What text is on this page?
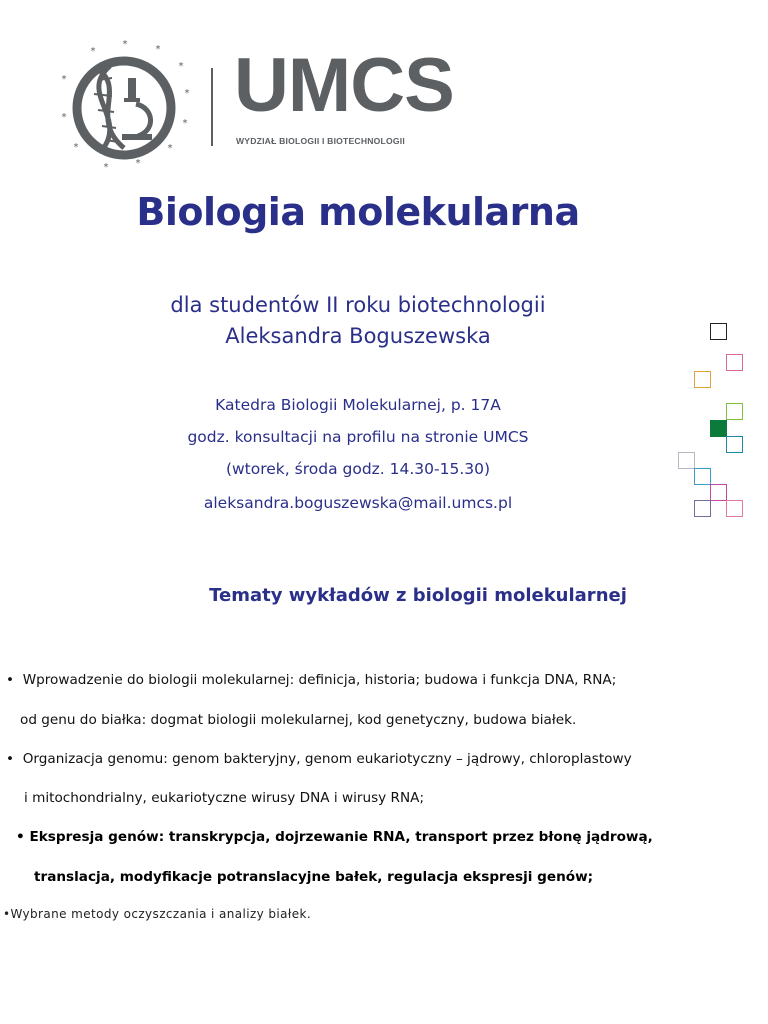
*	*
*
*
*
*
*
*
*
*
*
* UMCS
WYDZIAŁ BIOLOGII I BIOTECHNOLOGII
Biologia molekularna
dla studentów II roku biotechnologii
Aleksandra Boguszewska
Katedra Biologii Molekularnej, p. 17A
godz. konsultacji na profilu na stronie UMCS
(wtorek, środa godz. 14.30-15.30)
aleksandra.boguszewska@mail.umcs.pl
Tematy wykładów z biologii molekularnej
• Wprowadzenie do biologii molekularnej: definicja, historia; budowa i funkcja DNA, RNA;
od genu do białka: dogmat biologii molekularnej, kod genetyczny, budowa białek.
• Organizacja genomu: genom bakteryjny, genom eukariotyczny – jądrowy, chloroplastowy
i mitochondrialny, eukariotyczne wirusy DNA i wirusy RNA;
• Ekspresja genów: transkrypcja, dojrzewanie RNA, transport przez błonę jądrową,
translacja, modyfikacje potranslacyjne bałek, regulacja ekspresji genów;
•Wybrane metody oczyszczania i analizy białek.
